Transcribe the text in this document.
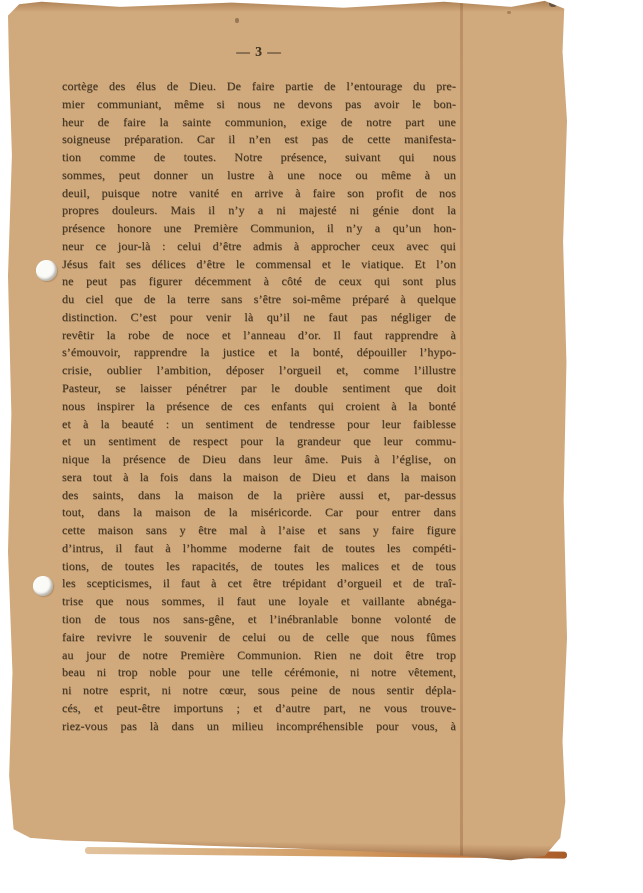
— 3 —
cortège des élus de Dieu. De faire partie de l’entourage du pre-
mier communiant, même si nous ne devons pas avoir le bon-
heur de faire la sainte communion, exige de notre part une
soigneuse préparation. Car il n’en est pas de cette manifesta-
tion comme de toutes. Notre présence, suivant qui nous
sommes, peut donner un lustre à une noce ou même à un
deuil, puisque notre vanité en arrive à faire son profit de nos
propres douleurs. Mais il n’y a ni majesté ni génie dont la
présence honore une Première Communion, il n’y a qu’un hon-
neur ce jour-là : celui d’être admis à approcher ceux avec qui
Jésus fait ses délices d’être le commensal et le viatique. Et l’on
ne peut pas figurer décemment à côté de ceux qui sont plus
du ciel que de la terre sans s’être soi-même préparé à quelque
distinction. C’est pour venir là qu’il ne faut pas négliger de
revêtir la robe de noce et l’anneau d’or. Il faut rapprendre à
s’émouvoir, rapprendre la justice et la bonté, dépouiller l’hypo-
crisie, oublier l’ambition, déposer l’orgueil et, comme l’illustre
Pasteur, se laisser pénétrer par le double sentiment que doit
nous inspirer la présence de ces enfants qui croient à la bonté
et à la beauté : un sentiment de tendresse pour leur faiblesse
et un sentiment de respect pour la grandeur que leur commu-
nique la présence de Dieu dans leur âme. Puis à l’église, on
sera tout à la fois dans la maison de Dieu et dans la maison
des saints, dans la maison de la prière aussi et, par-dessus
tout, dans la maison de la miséricorde. Car pour entrer dans
cette maison sans y être mal à l’aise et sans y faire figure
d’intrus, il faut à l’homme moderne fait de toutes les compéti-
tions, de toutes les rapacités, de toutes les malices et de tous
les scepticismes, il faut à cet être trépidant d’orgueil et de traî-
trise que nous sommes, il faut une loyale et vaillante abnéga-
tion de tous nos sans-gêne, et l’inébranlable bonne volonté de
faire revivre le souvenir de celui ou de celle que nous fûmes
au jour de notre Première Communion. Rien ne doit être trop
beau ni trop noble pour une telle cérémonie, ni notre vêtement,
ni notre esprit, ni notre cœur, sous peine de nous sentir dépla-
cés, et peut-être importuns ; et d’autre part, ne vous trouve-
riez-vous pas là dans un milieu incompréhensible pour vous, à
